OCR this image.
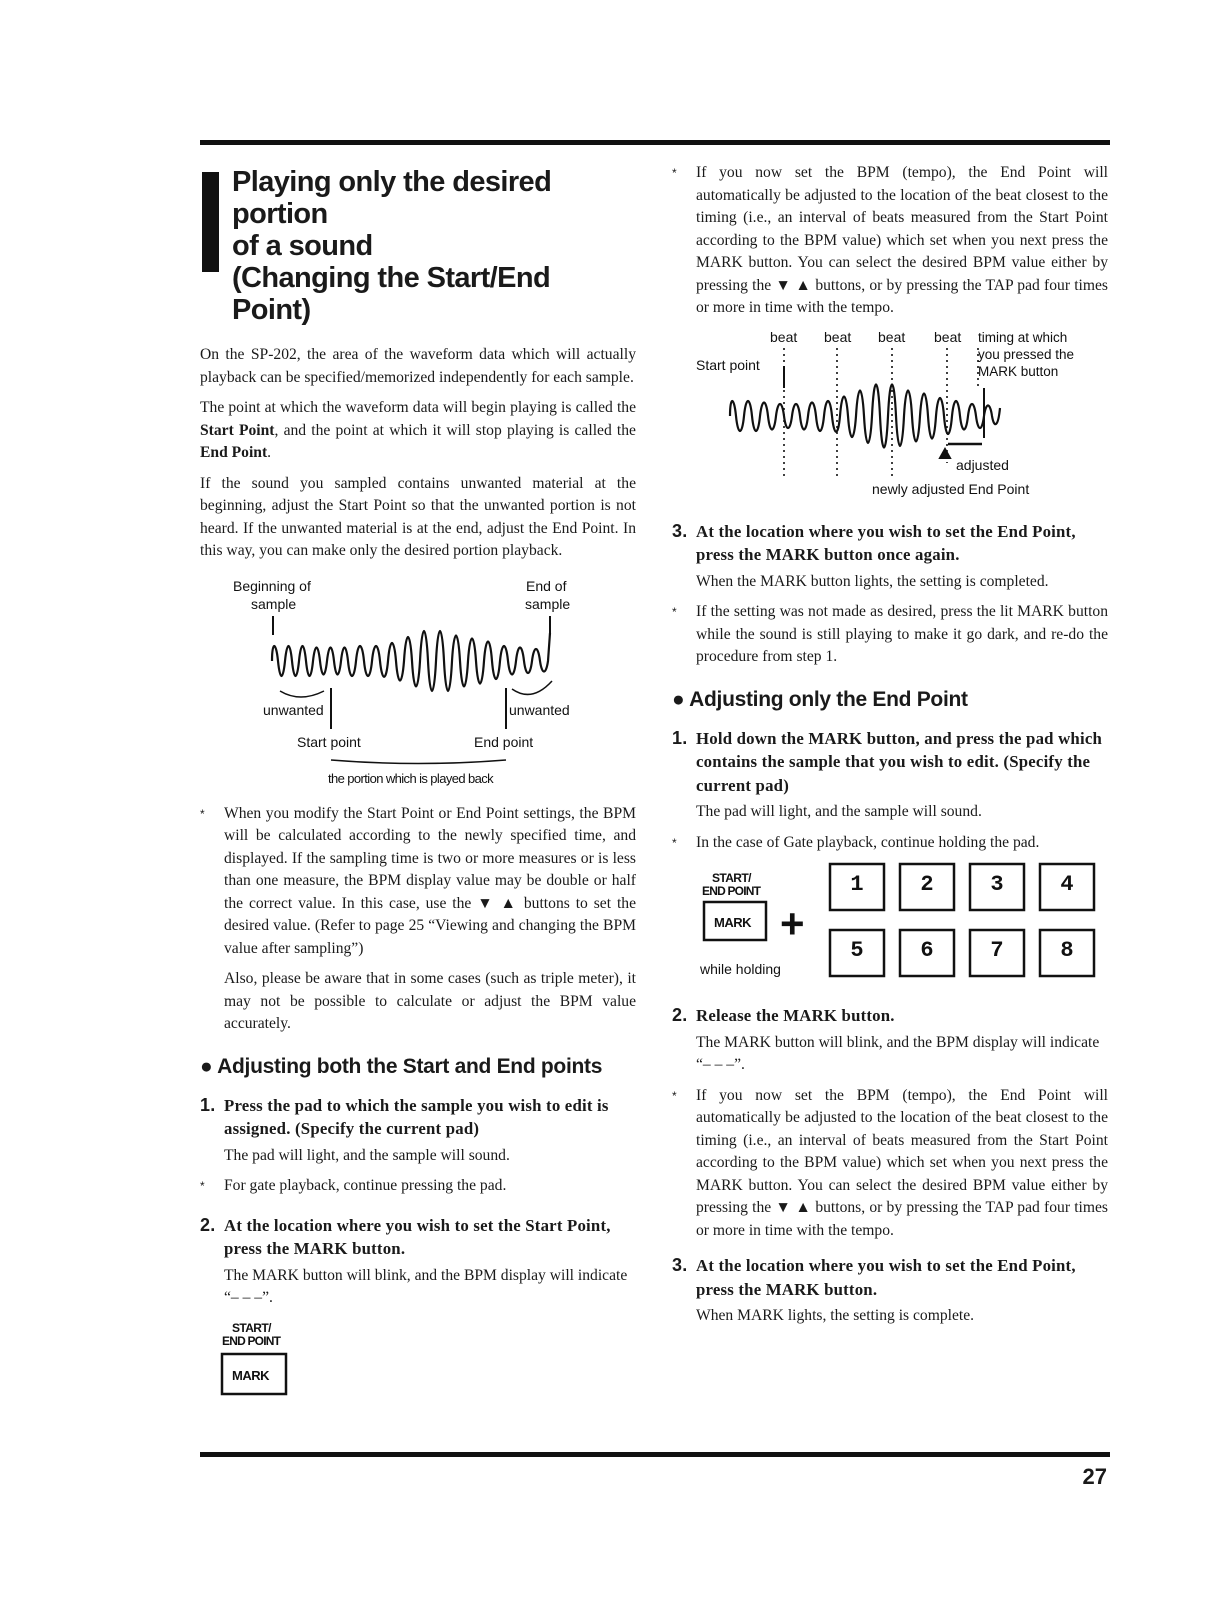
Playing only the desired portion
of a sound
(Changing the Start/End Point)

On the SP-202, the area of the waveform data which will actually playback can be specified/memorized independently for each sample.

The point at which the waveform data will begin playing is called the Start Point, and the point at which it will stop playing is called the End Point.

If the sound you sampled contains unwanted material at the beginning, adjust the Start Point so that the unwanted portion is not heard. If the unwanted material is at the end, adjust the End Point. In this way, you can make only the desired portion playback.

Beginning of
sample
End of
sample
unwanted	unwanted
Start point	End point
the portion which is played back
* When you modify the Start Point or End Point settings, the BPM will be calculated according to the newly specified time, and displayed. If the sampling time is two or more measures or is less than one measure, the BPM display value may be double or half the correct value. In this case, use the ▼ ▲ buttons to set the desired value. (Refer to page 25 “Viewing and changing the BPM value after sampling”)

Also, please be aware that in some cases (such as triple meter), it may not be possible to calculate or adjust the BPM value accurately.

● Adjusting both the Start and End points
1. Press the pad to which the sample you wish to edit is assigned. (Specify the current pad)
The pad will light, and the sample will sound.
* For gate playback, continue pressing the pad.
2. At the location where you wish to set the Start Point, press the MARK button.
The MARK button will blink, and the BPM display will indicate “– – –”.
START/
END POINT
MARK
* If you now set the BPM (tempo), the End Point will automatically be adjusted to the location of the beat closest to the timing (i.e., an interval of beats measured from the Start Point according to the BPM value) which set when you next press the MARK button. You can select the desired BPM value either by pressing the ▼ ▲ buttons, or by pressing the TAP pad four times or more in time with the tempo.
beat beat beat beat timing at which
you pressed the
MARK button
Start point
adjusted
newly adjusted End Point
3. At the location where you wish to set the End Point, press the MARK button once again.
When the MARK button lights, the setting is completed.
* If the setting was not made as desired, press the lit MARK button while the sound is still playing to make it go dark, and re-do the procedure from step 1.
● Adjusting only the End Point
1. Hold down the MARK button, and press the pad which contains the sample that you wish to edit. (Specify the current pad)
The pad will light, and the sample will sound.
* In the case of Gate playback, continue holding the pad.
START/
END POINT
MARK +
while holding
1	2	3	4
5	6	7	8
2. Release the MARK button.
The MARK button will blink, and the BPM display will indicate “– – –”.
* If you now set the BPM (tempo), the End Point will automatically be adjusted to the location of the beat closest to the timing (i.e., an interval of beats measured from the Start Point according to the BPM value) which set when you next press the MARK button. You can select the desired BPM value either by pressing the ▼ ▲ buttons, or by pressing the TAP pad four times or more in time with the tempo.
3. At the location where you wish to set the End Point, press the MARK button.
When MARK lights, the setting is complete.
27
